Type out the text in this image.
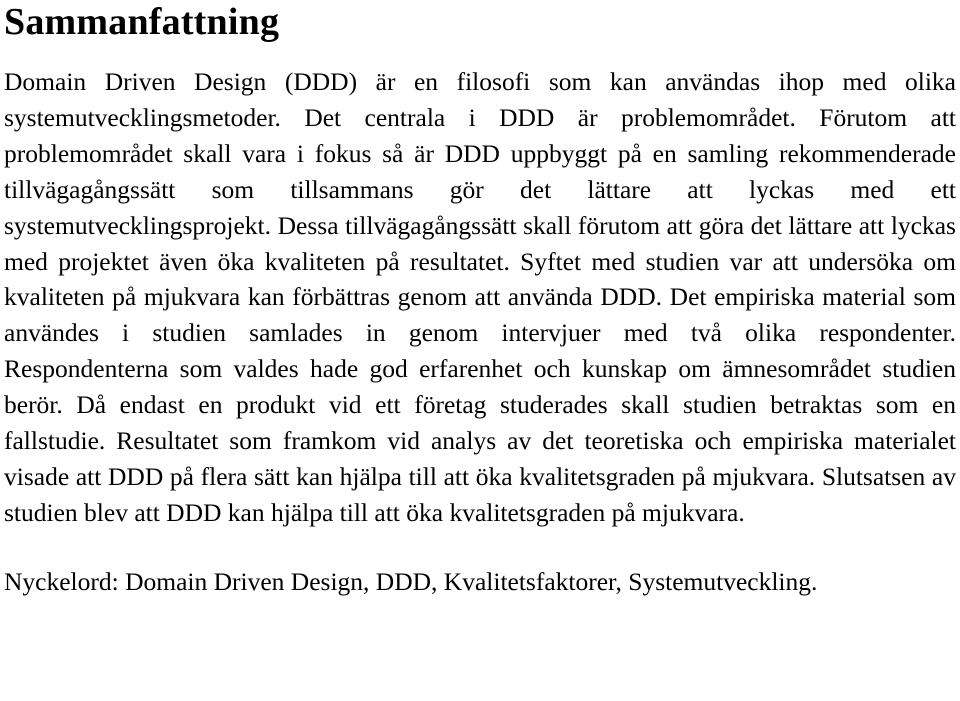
Sammanfattning

Domain Driven Design (DDD) är en filosofi som kan användas ihop med olika systemutvecklingsmetoder. Det centrala i DDD är problemområdet. Förutom att problemområdet skall vara i fokus så är DDD uppbyggt på en samling rekommenderade tillvägagångssätt som tillsammans gör det lättare att lyckas med ett systemutvecklingsprojekt. Dessa tillvägagångssätt skall förutom att göra det lättare att lyckas med projektet även öka kvaliteten på resultatet. Syftet med studien var att undersöka om kvaliteten på mjukvara kan förbättras genom att använda DDD. Det empiriska material som användes i studien samlades in genom intervjuer med två olika respondenter. Respondenterna som valdes hade god erfarenhet och kunskap om ämnesområdet studien berör. Då endast en produkt vid ett företag studerades skall studien betraktas som en fallstudie. Resultatet som framkom vid analys av det teoretiska och empiriska materialet visade att DDD på flera sätt kan hjälpa till att öka kvalitetsgraden på mjukvara. Slutsatsen av studien blev att DDD kan hjälpa till att öka kvalitetsgraden på mjukvara.

Nyckelord: Domain Driven Design, DDD, Kvalitetsfaktorer, Systemutveckling.
